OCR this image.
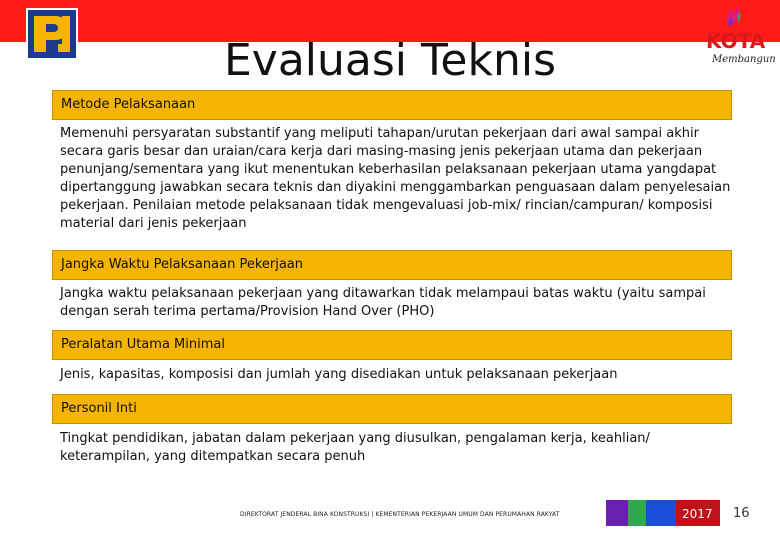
KOTA
Membangun
Evaluasi Teknis
Metode Pelaksanaan
Memenuhi persyaratan substantif yang meliputi tahapan/urutan pekerjaan dari awal sampai akhir secara garis besar dan uraian/cara kerja dari masing-masing jenis pekerjaan utama dan pekerjaan penunjang/sementara yang ikut menentukan keberhasilan pelaksanaan pekerjaan utama yangdapat dipertanggung jawabkan secara teknis dan diyakini menggambarkan penguasaan dalam penyelesaian pekerjaan. Penilaian metode pelaksanaan tidak mengevaluasi job-mix/ rincian/campuran/ komposisi material dari jenis pekerjaan
Jangka Waktu Pelaksanaan Pekerjaan
Jangka waktu pelaksanaan pekerjaan yang ditawarkan tidak melampaui batas waktu (yaitu sampai dengan serah terima pertama/Provision Hand Over (PHO)
Peralatan Utama Minimal
Jenis, kapasitas, komposisi dan jumlah yang disediakan untuk pelaksanaan pekerjaan
Personil Inti
Tingkat pendidikan, jabatan dalam pekerjaan yang diusulkan, pengalaman kerja, keahlian/ keterampilan, yang ditempatkan secara penuh
DIREKTORAT JENDERAL BINA KONSTRUKSI | KEMENTERIAN PEKERJAAN UMUM DAN PERUMAHAN RAKYAT	2017 16
